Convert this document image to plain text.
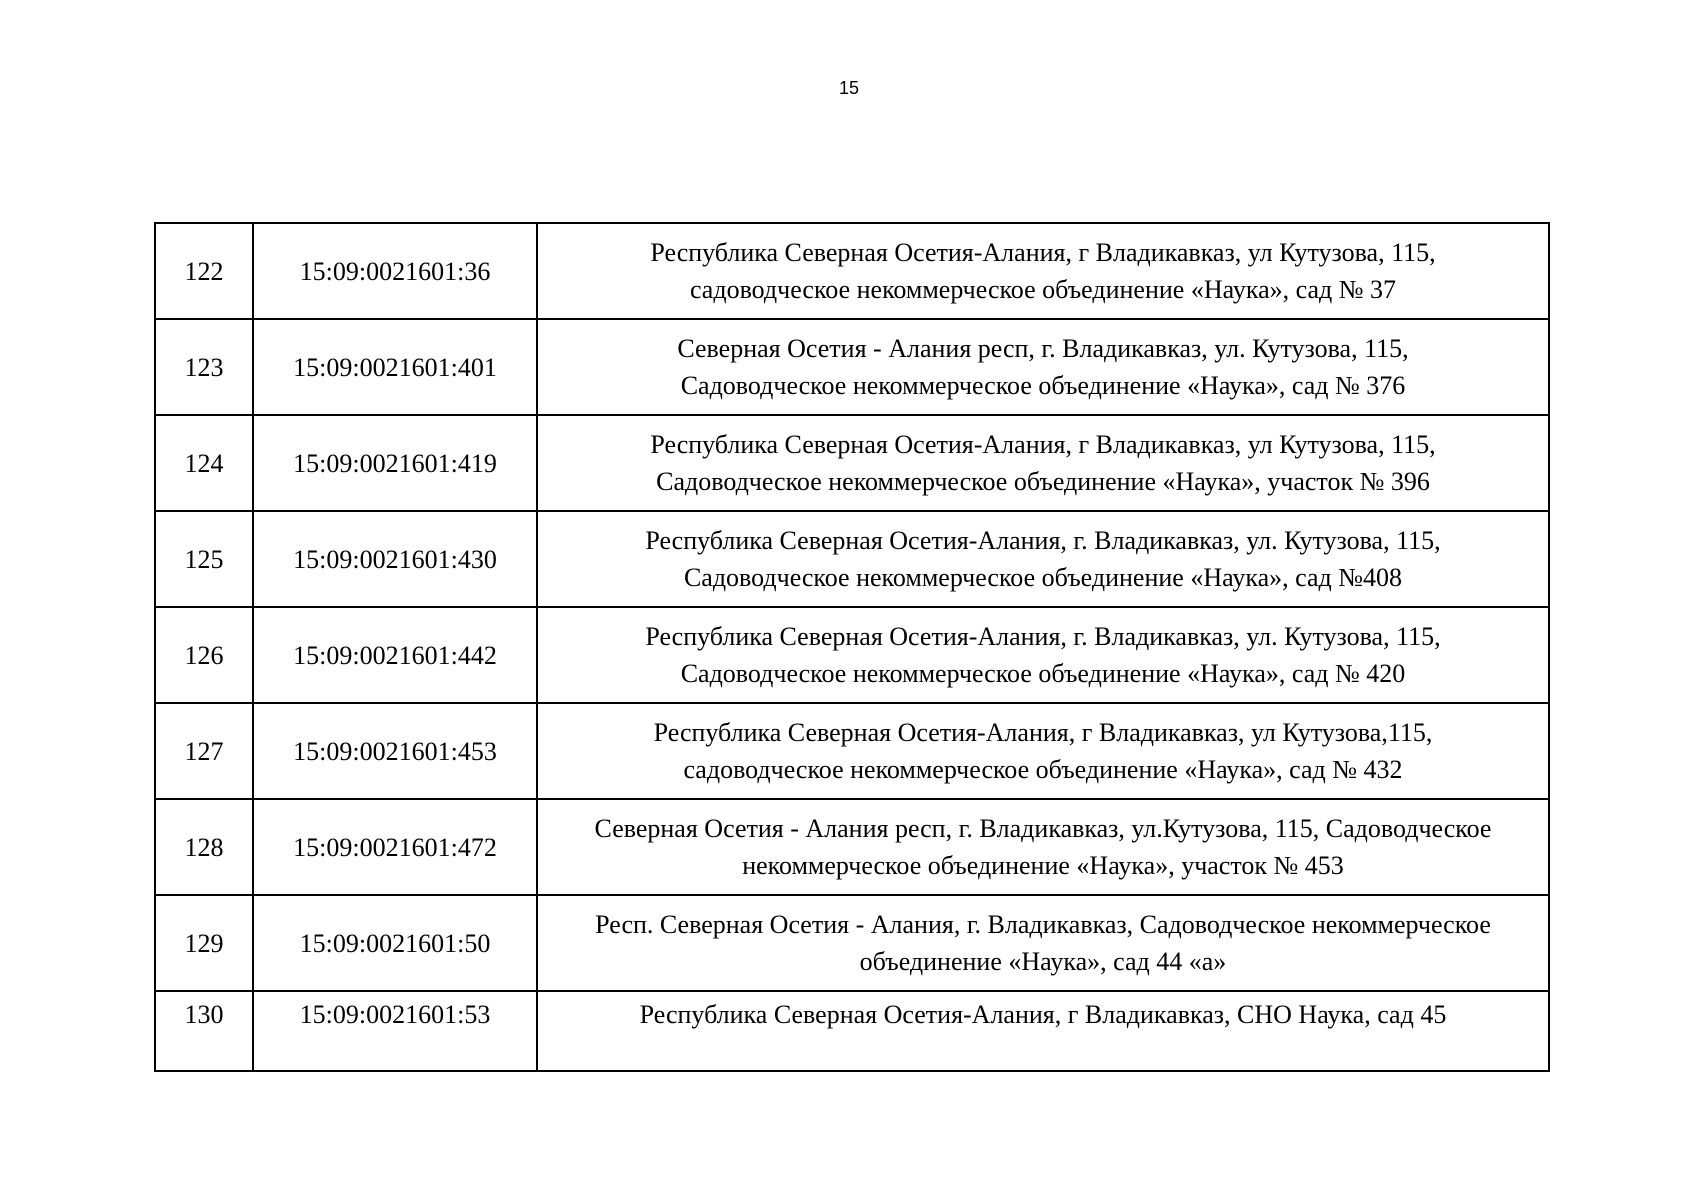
15
122	15:09:0021601:36	Республика Северная Осетия-Алания, г Владикавказ, ул Кутузова, 115,
садоводческое некоммерческое объединение «Наука», сад № 37
123	15:09:0021601:401	Северная Осетия - Алания респ, г. Владикавказ, ул. Кутузова, 115,
Садоводческое некоммерческое объединение «Наука», сад № 376
124	15:09:0021601:419	Республика Северная Осетия-Алания, г Владикавказ, ул Кутузова, 115,
Садоводческое некоммерческое объединение «Наука», участок № 396
125	15:09:0021601:430	Республика Северная Осетия-Алания, г. Владикавказ, ул. Кутузова, 115,
Садоводческое некоммерческое объединение «Наука», сад №408
126	15:09:0021601:442	Республика Северная Осетия-Алания, г. Владикавказ, ул. Кутузова, 115,
Садоводческое некоммерческое объединение «Наука», сад № 420
127	15:09:0021601:453	Республика Северная Осетия-Алания, г Владикавказ, ул Кутузова,115,
садоводческое некоммерческое объединение «Наука», сад № 432
128	15:09:0021601:472	Северная Осетия - Алания респ, г. Владикавказ, ул.Кутузова, 115, Садоводческое
некоммерческое объединение «Наука», участок № 453
129	15:09:0021601:50	Респ. Северная Осетия - Алания, г. Владикавказ, Садоводческое некоммерческое
объединение «Наука», сад 44 «а»
130	15:09:0021601:53	Республика Северная Осетия-Алания, г Владикавказ, СНО Наука, сад 45
